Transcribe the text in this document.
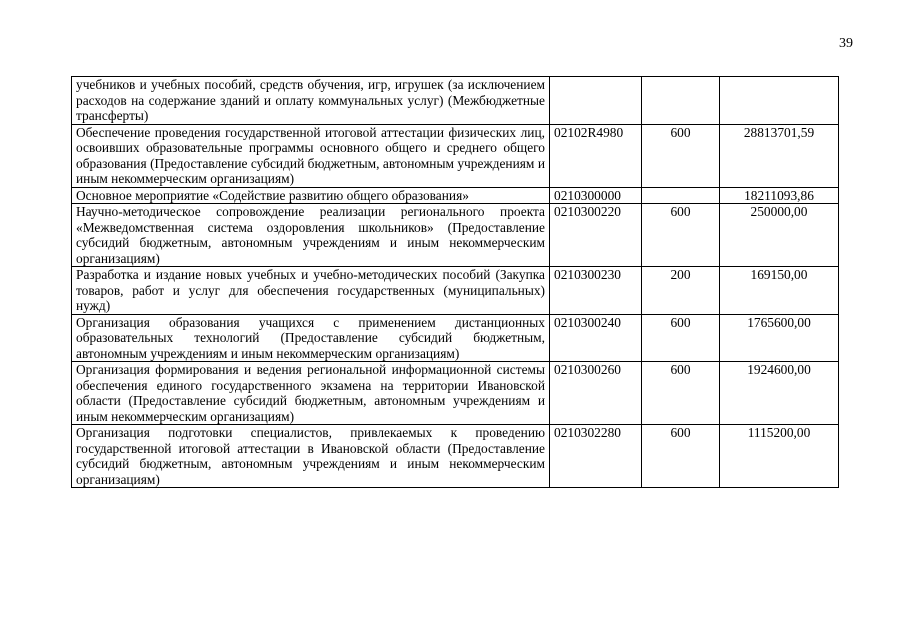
39
учебников и учебных пособий, средств обучения, игр, игрушек (за исключением расходов на содержание зданий и оплату коммунальных услуг) (Межбюджетные трансферты)			
Обеспечение проведения государственной итоговой аттестации физических лиц, освоивших образовательные программы основного общего и среднего общего образования (Предоставление субсидий бюджетным, автономным учреждениям и иным некоммерческим организациям)	02102R4980	600	28813701,59
Основное мероприятие «Содействие развитию общего образования»	0210300000		18211093,86
Научно-методическое сопровождение реализации регионального проекта «Межведомственная система оздоровления школьников» (Предоставление субсидий бюджетным, автономным учреждениям и иным некоммерческим организациям)	0210300220	600	250000,00
Разработка и издание новых учебных и учебно-методических пособий (Закупка товаров, работ и услуг для обеспечения государственных (муниципальных) нужд)	0210300230	200	169150,00
Организация образования учащихся с применением дистанционных образовательных технологий (Предоставление субсидий бюджетным, автономным учреждениям и иным некоммерческим организациям)	0210300240	600	1765600,00
Организация формирования и ведения региональной информационной системы обеспечения единого государственного экзамена на территории Ивановской области (Предоставление субсидий бюджетным, автономным учреждениям и иным некоммерческим организациям)	0210300260	600	1924600,00
Организация подготовки специалистов, привлекаемых к проведению государственной итоговой аттестации в Ивановской области (Предоставление субсидий бюджетным, автономным учреждениям и иным некоммерческим организациям)	0210302280	600	1115200,00
